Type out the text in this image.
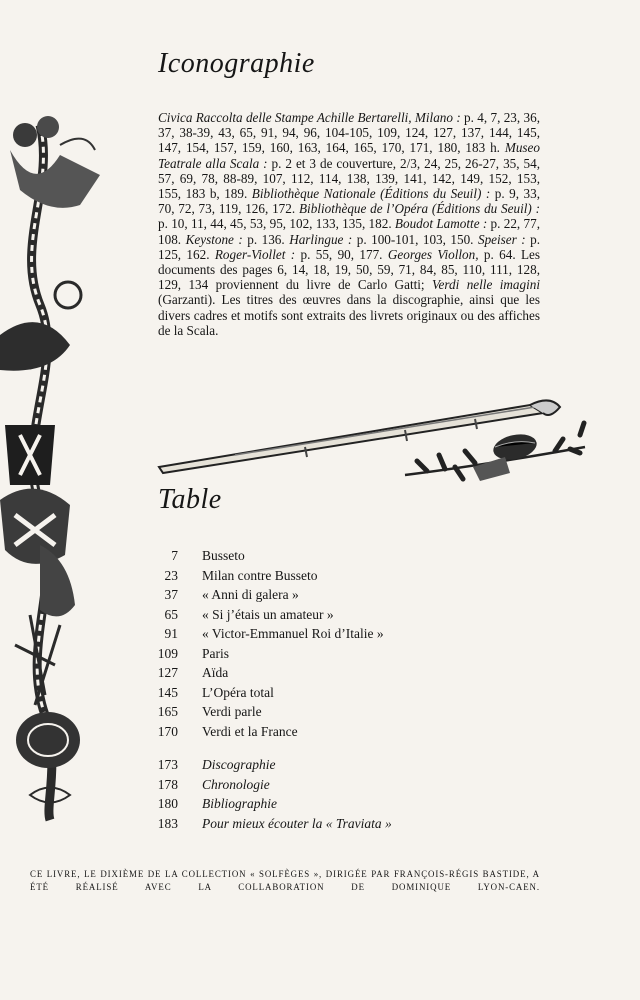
Iconographie

Civica Raccolta delle Stampe Achille Bertarelli, Milano : p. 4, 7, 23, 36, 37, 38-39, 43, 65, 91, 94, 96, 104-105, 109, 124, 127, 137, 144, 145, 147, 154, 157, 159, 160, 163, 164, 165, 170, 171, 180, 183 h. Museo Teatrale alla Scala : p. 2 et 3 de couverture, 2/3, 24, 25, 26-27, 35, 54, 57, 69, 78, 88-89, 107, 112, 114, 138, 139, 141, 142, 149, 152, 153, 155, 183 b, 189. Bibliothèque Nationale (Éditions du Seuil) : p. 9, 33, 70, 72, 73, 119, 126, 172. Bibliothèque de l’Opéra (Éditions du Seuil) : p. 10, 11, 44, 45, 53, 95, 102, 133, 135, 182. Boudot Lamotte : p. 22, 77, 108. Keystone : p. 136. Harlingue : p. 100-101, 103, 150. Speiser : p. 125, 162. Roger-Viollet : p. 55, 90, 177. Georges Viollon, p. 64. Les documents des pages 6, 14, 18, 19, 50, 59, 71, 84, 85, 110, 111, 128, 129, 134 proviennent du livre de Carlo Gatti; Verdi nelle imagini (Garzanti). Les titres des œuvres dans la discographie, ainsi que les divers cadres et motifs sont extraits des livrets originaux ou des affiches de la Scala.

Table
7 Busseto
23 Milan contre Busseto
37 « Anni di galera »
65 « Si j’étais un amateur »
91 « Victor-Emmanuel Roi d’Italie »
109 Paris
127 Aïda
145 L’Opéra total
165 Verdi parle
170 Verdi et la France
173 Discographie
178 Chronologie
180 Bibliographie
183 Pour mieux écouter la « Traviata »

CE LIVRE, LE DIXIÈME DE LA COLLECTION « SOLFÈGES », DIRIGÉE PAR FRANÇOIS-RÉGIS BASTIDE, A ÉTÉ RÉALISÉ AVEC LA COLLABORATION DE DOMINIQUE LYON-CAEN.
